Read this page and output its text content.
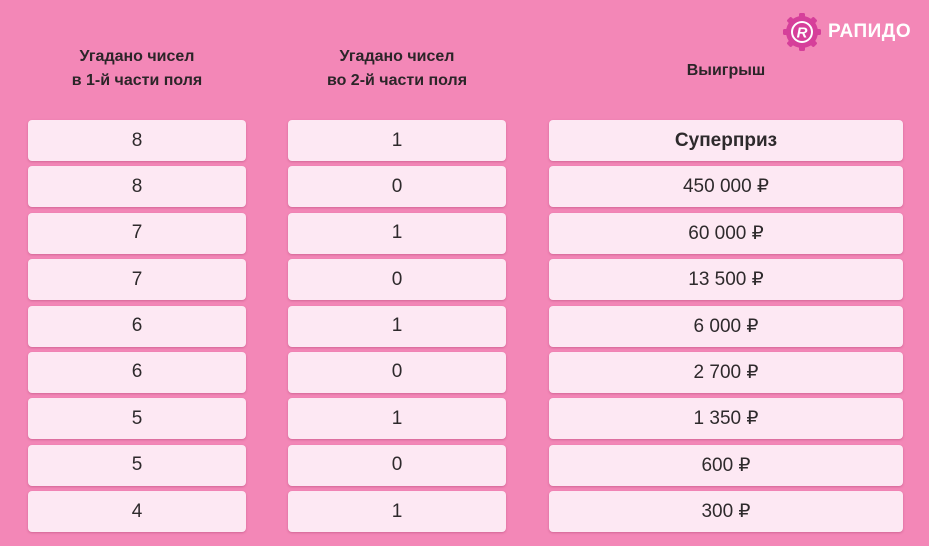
R РАПИДО
Угадано чисел
в 1-й части поля
Угадано чисел
во 2-й части поля
Выигрыш
8
8
7
7
6
6
5
5
4
1
0
1
0
1
0
1
0
1
Суперприз
450 000 ₽
60 000 ₽
13 500 ₽
6 000 ₽
2 700 ₽
1 350 ₽
600 ₽
300 ₽
